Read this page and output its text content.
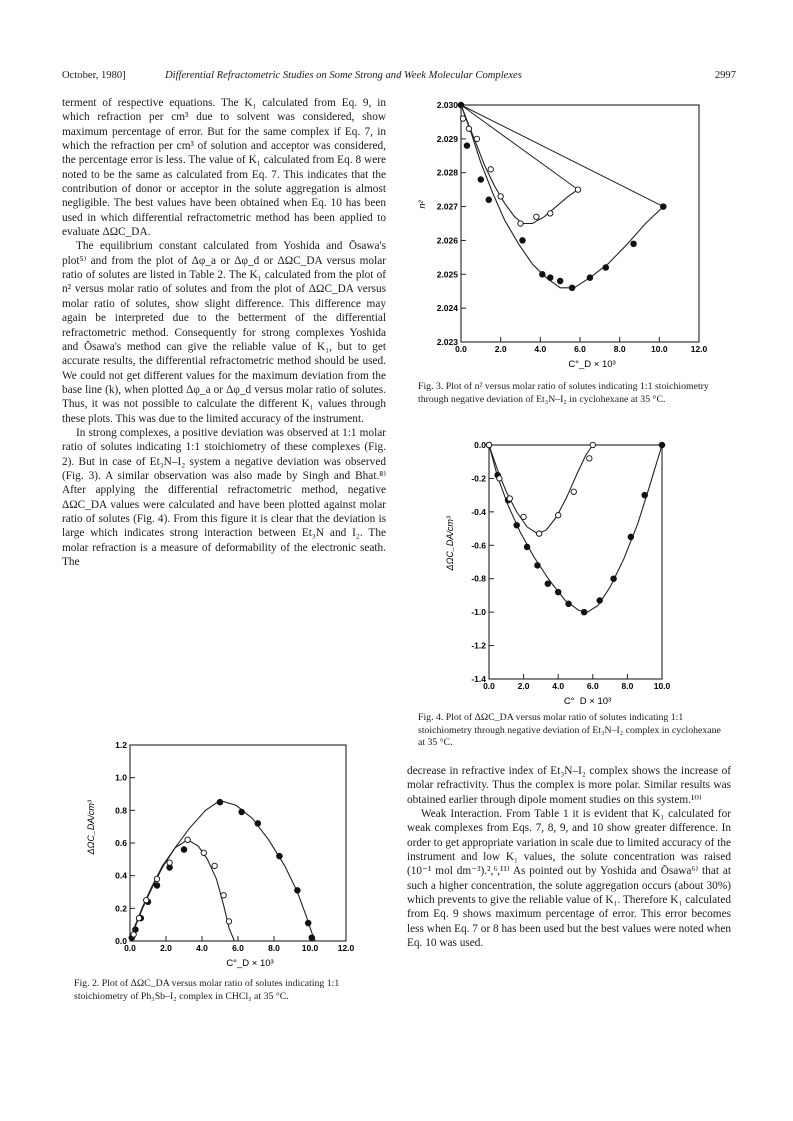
October, 1980]	Differential Refractometric Studies on Some Strong and Week Molecular Complexes	2997

terment of respective equations. The K₁ calculated from Eq. 9, in which refraction per cm³ due to solvent was considered, show maximum percentage of error. But for the same complex if Eq. 7, in which the refraction per cm³ of solution and acceptor was considered, the percentage error is less. The value of K₁ calculated from Eq. 8 were noted to be the same as calculated from Eq. 7. This indicates that the contribution of donor or acceptor in the solute aggregation is almost negligible. The best values have been obtained when Eq. 10 has been used in which differential refractometric method has been applied to evaluate ΔΩC_DA.

The equilibrium constant calculated from Yoshida and Ōsawa's plot⁵⁾ and from the plot of Δφ_a or Δφ_d or ΔΩC_DA versus molar ratio of solutes are listed in Table 2. The K₁ calculated from the plot of n² versus molar ratio of solutes and from the plot of ΔΩC_DA versus molar ratio of solutes, show slight difference. This difference may again be interpreted due to the betterment of the differential refractometric method. Consequently for strong complexes Yoshida and Ōsawa's method can give the reliable value of K₁, but to get accurate results, the differential refractometric method should be used. We could not get different values for the maximum deviation from the base line (k), when plotted Δφ_a or Δφ_d versus molar ratio of solutes. Thus, it was not possible to calculate the different K₁ values through these plots. This was due to the limited accuracy of the instrument.

In strong complexes, a positive deviation was observed at 1:1 molar ratio of solutes indicating 1:1 stoichiometry of these complexes (Fig. 2). But in case of Et₃N–I₂ system a negative deviation was observed (Fig. 3). A similar observation was also made by Singh and Bhat.⁸⁾ After applying the differential refractometric method, negative ΔΩC_DA values were calculated and have been plotted against molar ratio of solutes (Fig. 4). From this figure it is clear that the deviation is large which indicates strong interaction between Et₃N and I₂. The molar refraction is a measure of deformability of the electronic seath. The

decrease in refractive index of Et₃N–I₂ complex shows the increase of molar refractivity. Thus the complex is more polar. Similar results was obtained earlier through dipole moment studies on this system.¹⁰⁾

Weak Interaction. From Table 1 it is evident that K₁ calculated for weak complexes from Eqs. 7, 8, 9, and 10 show greater difference. In order to get appropriate variation in scale due to limited accuracy of the instrument and low K₁ values, the solute concentration was raised (10⁻¹ mol dm⁻³).²,⁶,¹¹⁾ As pointed out by Yoshida and Ōsawa⁶⁾ that at such a higher concentration, the solute aggregation occurs (about 30%) which prevents to give the reliable value of K₁. Therefore K₁ calculated from Eq. 9 shows maximum percentage of error. This error becomes less when Eq. 7 or 8 has been used but the best values were noted when Eq. 10 was used.

0.0	2.0	4.0	6.0	8.0	10.0 12.0
0.0
0.2
0.4
0.6
0.8
1.0
1.2
C°_D × 10³
ΔΩC_DA/cm³
Fig. 2. Plot of ΔΩC_DA versus molar ratio of solutes indicating 1:1 stoichiometry of Ph₃Sb–I₂ complex in CHCl₃ at 35 °C.
0.0	2.0	4.0	6.0	8.0	10.0	12.0
2.023
2.024
2.025
2.026
2.027
2.028
2.029
2.030
C°_D × 10³
n²
Fig. 3. Plot of n² versus molar ratio of solutes indicating 1:1 stoichiometry through negative deviation of Et₃N–I₂ in cyclohexane at 35 °C.
0.0	2.0	4.0	6.0	8.0 10.0
0.0
-0.2
-0.4
-0.6
-0.8
-1.0
-1.2
-1.4
C°_D × 10³
ΔΩC_DA/cm³
Fig. 4. Plot of ΔΩC_DA versus molar ratio of solutes indicating 1:1 stoichiometry through negative deviation of Et₃N–I₂ complex in cyclohexane at 35 °C.
